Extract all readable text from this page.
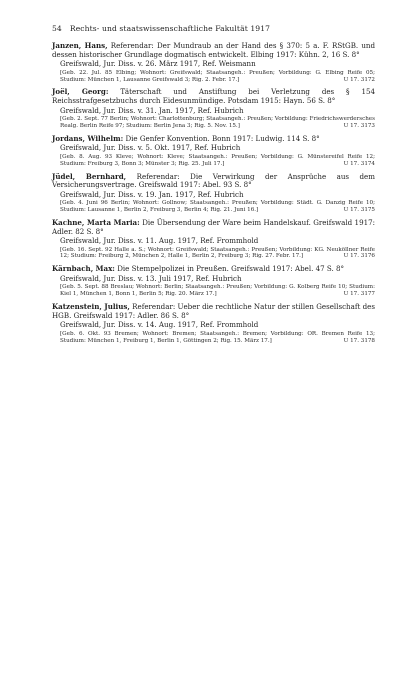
54 Rechts- und staatswissenschaftliche Fakultät 1917

Janzen, Hans, Referendar: Der Mundraub an der Hand des § 370: 5 a. F. RStGB. und dessen historischer Grundlage dogmatisch entwickelt. Elbing 1917: Kühn. 2, 16 S. 8°

Greifswald, Jur. Diss. v. 26. März 1917, Ref. Weismann
[Geb. 22. Jul. 85 Elbing; Wohnort: Greifswald; Staatsangeh.: Preußen; Vorbildung: G. Elbing Reife 05; Studium: München 1, Lausanne Greifswald 3; Rig. 2. Febr. 17.]	U 17. 3172

Joël, Georg: Täterschaft und Anstiftung bei Verletzung des § 154 Reichsstrafgesetzbuchs durch Eidesunmündige. Potsdam 1915: Hayn. 56 S. 8°

Greifswald, Jur. Diss. v. 31. Jan. 1917, Ref. Hubrich
[Geb. 2. Sept. 77 Berlin; Wohnort: Charlottenburg; Staatsangeh.: Preußen; Vorbildung: Friedrichswerdersches Realg. Berlin Reife 97; Studium: Berlin Jena 3; Rig. 5. Nov. 15.]	U 17. 3173

Jordans, Wilhelm: Die Genfer Konvention. Bonn 1917: Ludwig. 114 S. 8°

Greifswald, Jur. Diss. v. 5. Okt. 1917, Ref. Hubrich
[Geb. 8. Aug. 93 Kleve; Wohnort: Kleve; Staatsangeh.: Preußen; Vorbildung: G. Münstereifel Reife 12; Studium: Freiburg 3, Bonn 3; Münster 3; Rig. 25. Juli 17.]	U 17. 3174

Jüdel, Bernhard, Referendar: Die Verwirkung der Ansprüche aus dem Versicherungsvertrage. Greifswald 1917: Abel. 93 S. 8°

Greifswald, Jur. Diss. v. 19. Jan. 1917, Ref. Hubrich
[Geb. 4. Juni 96 Berlin; Wohnort: Gollnow; Staatsangeh.: Preußen; Vorbildung: Städt. G. Danzig Reife 10; Studium: Lausanne 1, Berlin 2, Freiburg 3, Berlin 4; Rig. 21. Juni 16.]	U 17. 3175

Kachne, Marta Maria: Die Übersendung der Ware beim Handelskauf. Greifswald 1917: Adler. 82 S. 8°

Greifswald, Jur. Diss. v. 11. Aug. 1917, Ref. Frommhold
[Geb. 16. Sept. 92 Halle a. S.; Wohnort: Greifswald; Staatsangeh.: Preußen; Vorbildung: KG. Neuköllner Reife 12; Studium: Freiburg 2, München 2, Halle 1, Berlin 2, Freiburg 3; Rig. 27. Febr. 17.]	U 17. 3176

Kärnbach, Max: Die Stempelpolizei in Preußen. Greifswald 1917: Abel. 47 S. 8°

Greifswald, Jur. Diss. v. 13. Juli 1917, Ref. Hubrich
[Geb. 5. Sept. 88 Breslau; Wohnort: Berlin; Staatsangeh.: Preußen; Vorbildung: G. Kolberg Reife 10; Studium: Kiel 1, München 1, Bonn 1, Berlin 5; Rig. 20. März 17.]	U 17. 3177

Katzenstein, Julius, Referendar: Ueber die rechtliche Natur der stillen Gesellschaft des HGB. Greifswald 1917: Adler. 86 S. 8°

Greifswald, Jur. Diss. v. 14. Aug. 1917, Ref. Frommhold
[Geb. 6. Okt. 93 Bremen; Wohnort: Bremen; Staatsangeh.: Bremen; Vorbildung: OR. Bremen Reife 13; Studium: München 1, Freiburg 1, Berlin 1, Göttingen 2; Rig. 15. März 17.]	U 17. 3178
